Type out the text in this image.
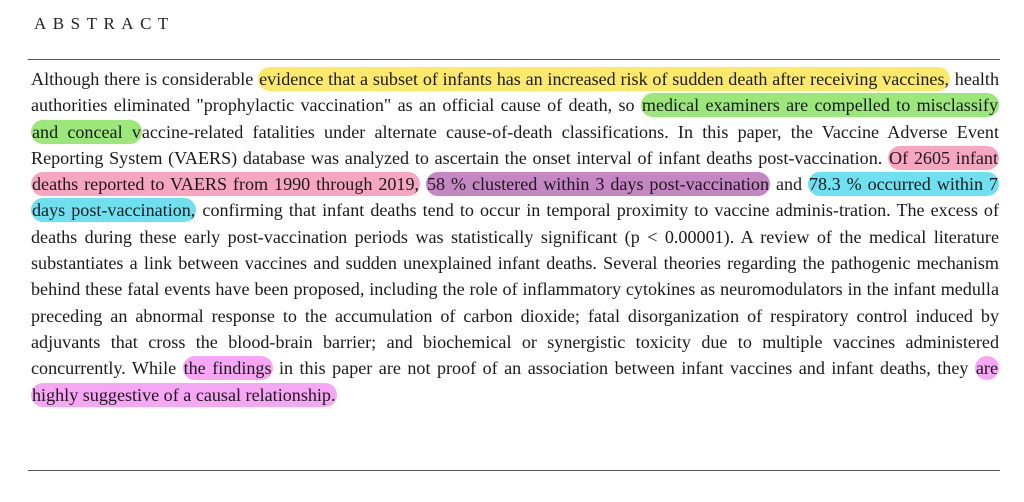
ABSTRACT

Although there is considerable evidence that a subset of infants has an increased risk of sudden death after receiving vaccines, health authorities eliminated "prophylactic vaccination" as an official cause of death, so medical examiners are compelled to misclassify and conceal vaccine-related fatalities under alternate cause-of-death classifications. In this paper, the Vaccine Adverse Event Reporting System (VAERS) database was analyzed to ascertain the onset interval of infant deaths post-vaccination. Of 2605 infant deaths reported to VAERS from 1990 through 2019, 58 % clustered within 3 days post-vaccination and 78.3 % occurred within 7 days post-vaccination, confirming that infant deaths tend to occur in temporal proximity to vaccine adminis-tration. The excess of deaths during these early post-vaccination periods was statistically significant (p < 0.00001). A review of the medical literature substantiates a link between vaccines and sudden unexplained infant deaths. Several theories regarding the pathogenic mechanism behind these fatal events have been proposed, including the role of inflammatory cytokines as neuromodulators in the infant medulla preceding an abnormal response to the accumulation of carbon dioxide; fatal disorganization of respiratory control induced by adjuvants that cross the blood-brain barrier; and biochemical or synergistic toxicity due to multiple vaccines administered concurrently. While the findings in this paper are not proof of an association between infant vaccines and infant deaths, they are highly suggestive of a causal relationship.
